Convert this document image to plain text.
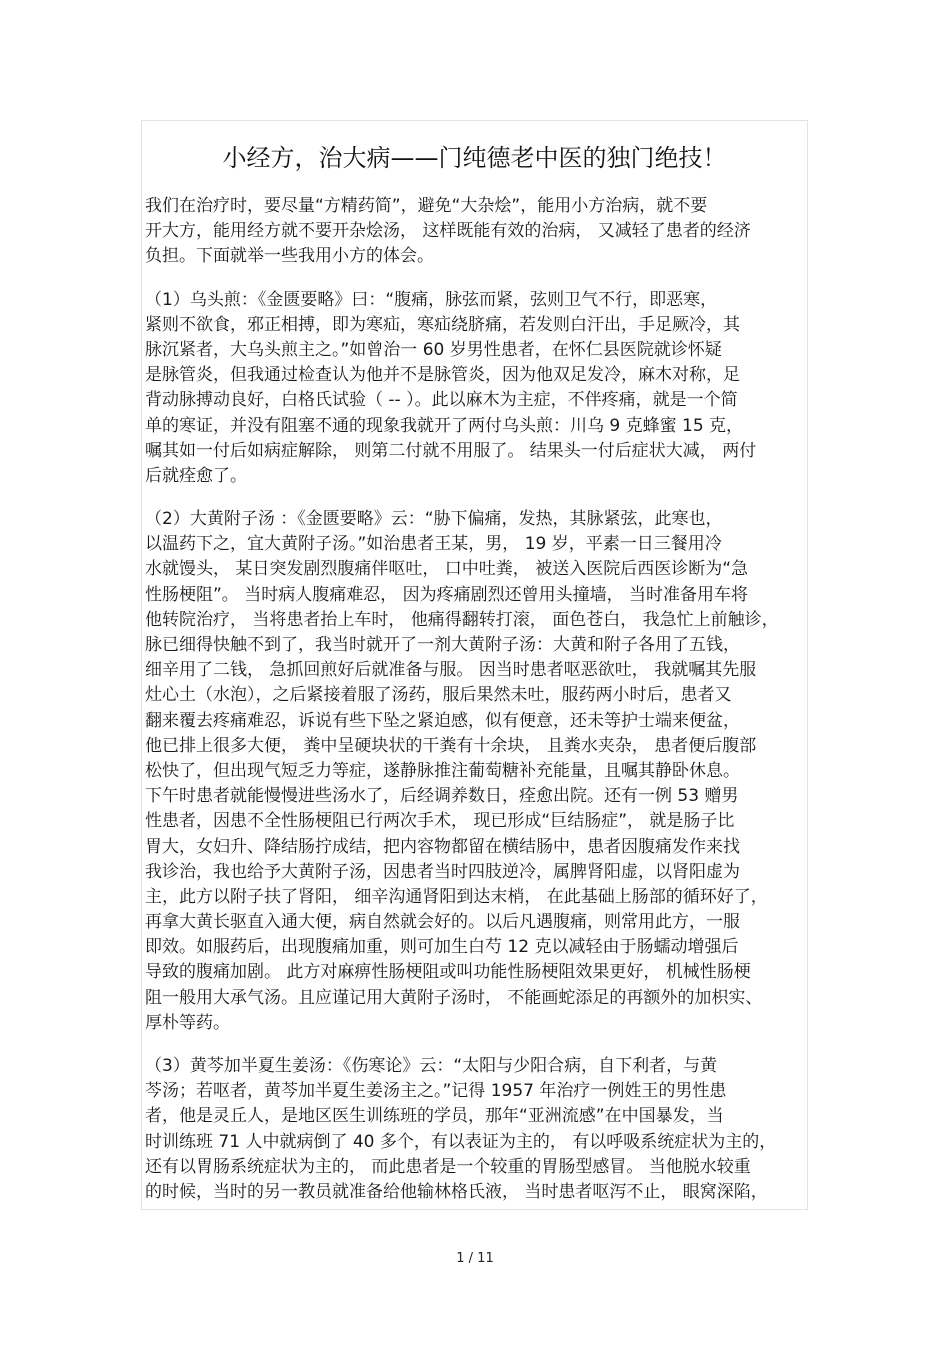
小经方，治大病——门纯德老中医的独门绝技！
我们在治疗时，要尽量“方精药简”，避免“大杂烩”，能用小方治病，就不要
开大方，能用经方就不要开杂烩汤， 这样既能有效的治病， 又减轻了患者的经济
负担。下面就举一些我用小方的体会。
（1）乌头煎：《金匮要略》曰：“腹痛，脉弦而紧，弦则卫气不行，即恶寒，
紧则不欲食，邪正相搏，即为寒疝，寒疝绕脐痛，若发则白汗出，手足厥冷，其
脉沉紧者，大乌头煎主之。”如曾治一 60 岁男性患者，在怀仁县医院就诊怀疑
是脉管炎，但我通过检查认为他并不是脉管炎，因为他双足发冷，麻木对称，足
背动脉搏动良好，白格氏试验（ -- ）。此以麻木为主症，不伴疼痛，就是一个简
单的寒证，并没有阻塞不通的现象我就开了两付乌头煎：川乌 9 克蜂蜜 15 克，
嘱其如一付后如病症解除， 则第二付就不用服了。 结果头一付后症状大减， 两付
后就痊愈了。
（2）大黄附子汤 ：《金匮要略》云：“胁下偏痛，发热，其脉紧弦，此寒也，
以温药下之，宜大黄附子汤。”如治患者王某，男， 19 岁，平素一日三餐用冷
水就馒头， 某日突发剧烈腹痛伴呕吐， 口中吐粪， 被送入医院后西医诊断为“急
性肠梗阻”。 当时病人腹痛难忍， 因为疼痛剧烈还曾用头撞墙， 当时准备用车将
他转院治疗， 当将患者抬上车时， 他痛得翻转打滚， 面色苍白， 我急忙上前触诊，
脉已细得快触不到了，我当时就开了一剂大黄附子汤：大黄和附子各用了五钱，
细辛用了二钱， 急抓回煎好后就准备与服。 因当时患者呕恶欲吐， 我就嘱其先服
灶心土（水泡），之后紧接着服了汤药，服后果然未吐，服药两小时后，患者又
翻来覆去疼痛难忍，诉说有些下坠之紧迫感，似有便意，还未等护士端来便盆，
他已排上很多大便， 粪中呈硬块状的干粪有十余块， 且粪水夹杂， 患者便后腹部
松快了，但出现气短乏力等症，遂静脉推注葡萄糖补充能量，且嘱其静卧休息。
下午时患者就能慢慢进些汤水了，后经调养数日，痊愈出院。还有一例 53 赠男
性患者，因患不全性肠梗阻已行两次手术， 现已形成“巨结肠症”， 就是肠子比
胃大，女妇升、降结肠拧成结，把内容物都留在横结肠中，患者因腹痛发作来找
我诊治，我也给予大黄附子汤，因患者当时四肢逆冷，属脾肾阳虚，以肾阳虚为
主，此方以附子扶了肾阳， 细辛沟通肾阳到达末梢， 在此基础上肠部的循环好了，
再拿大黄长驱直入通大便，病自然就会好的。以后凡遇腹痛，则常用此方，一服
即效。如服药后，出现腹痛加重，则可加生白芍 12 克以减轻由于肠蠕动增强后
导致的腹痛加剧。 此方对麻痹性肠梗阻或叫功能性肠梗阻效果更好， 机械性肠梗
阻一般用大承气汤。且应谨记用大黄附子汤时， 不能画蛇添足的再额外的加枳实、
厚朴等药。
（3）黄芩加半夏生姜汤：《伤寒论》云：“太阳与少阳合病，自下利者，与黄
芩汤；若呕者，黄芩加半夏生姜汤主之。”记得 1957 年治疗一例姓王的男性患
者，他是灵丘人，是地区医生训练班的学员，那年“亚洲流感”在中国暴发，当
时训练班 71 人中就病倒了 40 多个，有以表证为主的， 有以呼吸系统症状为主的，
还有以胃肠系统症状为主的， 而此患者是一个较重的胃肠型感冒。 当他脱水较重
的时候，当时的另一教员就准备给他输林格氏液， 当时患者呕泻不止， 眼窝深陷，
1 / 11
